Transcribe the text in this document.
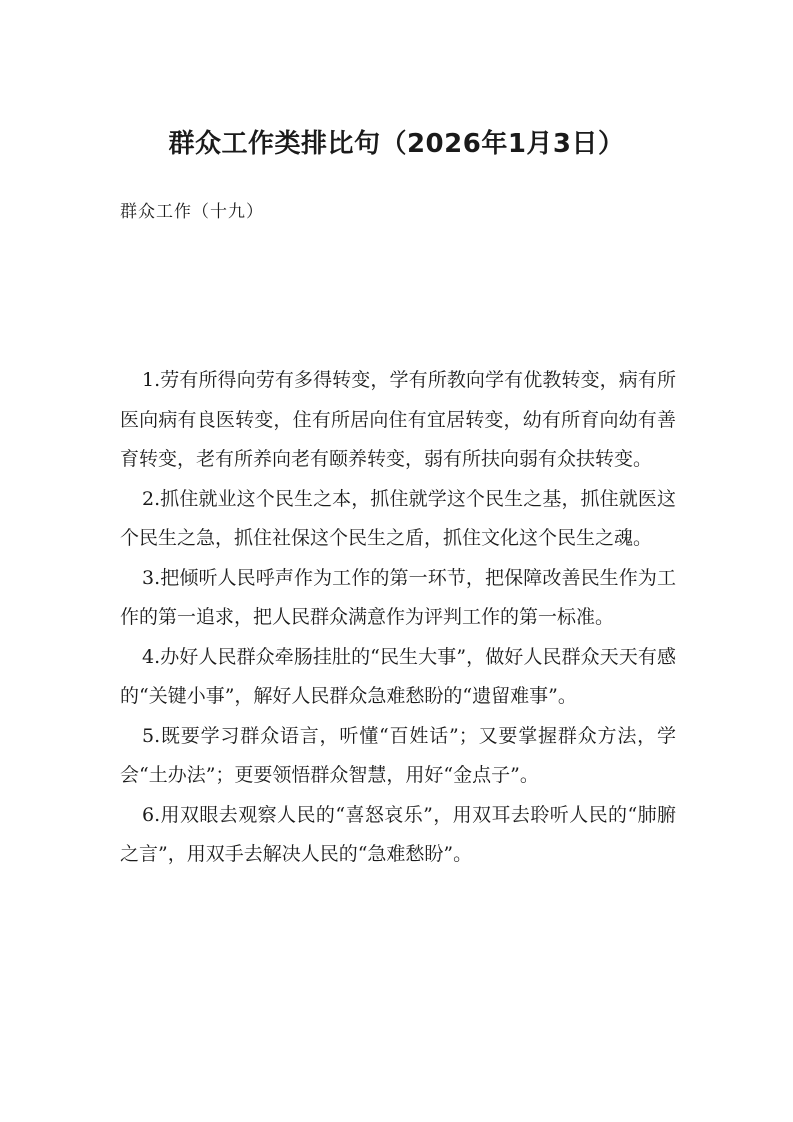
群众工作类排比句（2026年1月3日）
群众工作（十九）

1.劳有所得向劳有多得转变，学有所教向学有优教转变，病有所医向病有良医转变，住有所居向住有宜居转变，幼有所育向幼有善育转变，老有所养向老有颐养转变，弱有所扶向弱有众扶转变。

2.抓住就业这个民生之本，抓住就学这个民生之基，抓住就医这个民生之急，抓住社保这个民生之盾，抓住文化这个民生之魂。

3.把倾听人民呼声作为工作的第一环节，把保障改善民生作为工作的第一追求，把人民群众满意作为评判工作的第一标准。

4.办好人民群众牵肠挂肚的“民生大事”，做好人民群众天天有感的“关键小事”，解好人民群众急难愁盼的“遗留难事”。

5.既要学习群众语言，听懂“百姓话”；又要掌握群众方法，学会“土办法”；更要领悟群众智慧，用好“金点子”。

6.用双眼去观察人民的“喜怒哀乐”，用双耳去聆听人民的“肺腑之言”，用双手去解决人民的“急难愁盼”。
